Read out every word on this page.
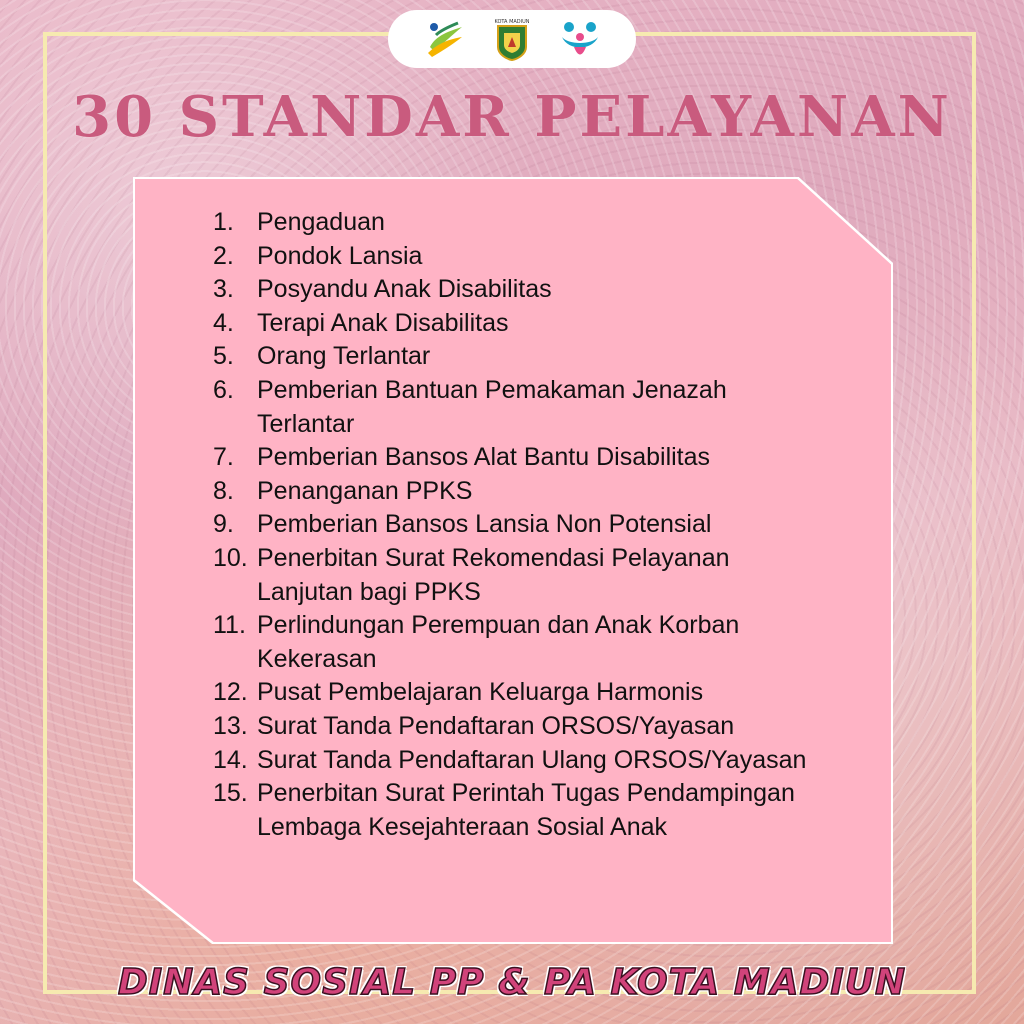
KOTA MADIUN
30 STANDAR PELAYANAN
1. Pengaduan
2. Pondok Lansia
3. Posyandu Anak Disabilitas
4. Terapi Anak Disabilitas
5. Orang Terlantar
6. Pemberian Bantuan Pemakaman Jenazah Terlantar
7. Pemberian Bansos Alat Bantu Disabilitas
8. Penanganan PPKS
9. Pemberian Bansos Lansia Non Potensial
10. Penerbitan Surat Rekomendasi Pelayanan Lanjutan bagi PPKS
11. Perlindungan Perempuan dan Anak Korban Kekerasan
12. Pusat Pembelajaran Keluarga Harmonis
13. Surat Tanda Pendaftaran ORSOS/Yayasan
14. Surat Tanda Pendaftaran Ulang ORSOS/Yayasan
15. Penerbitan Surat Perintah Tugas Pendampingan Lembaga Kesejahteraan Sosial Anak
DINAS SOSIAL PP & PA KOTA MADIUN
